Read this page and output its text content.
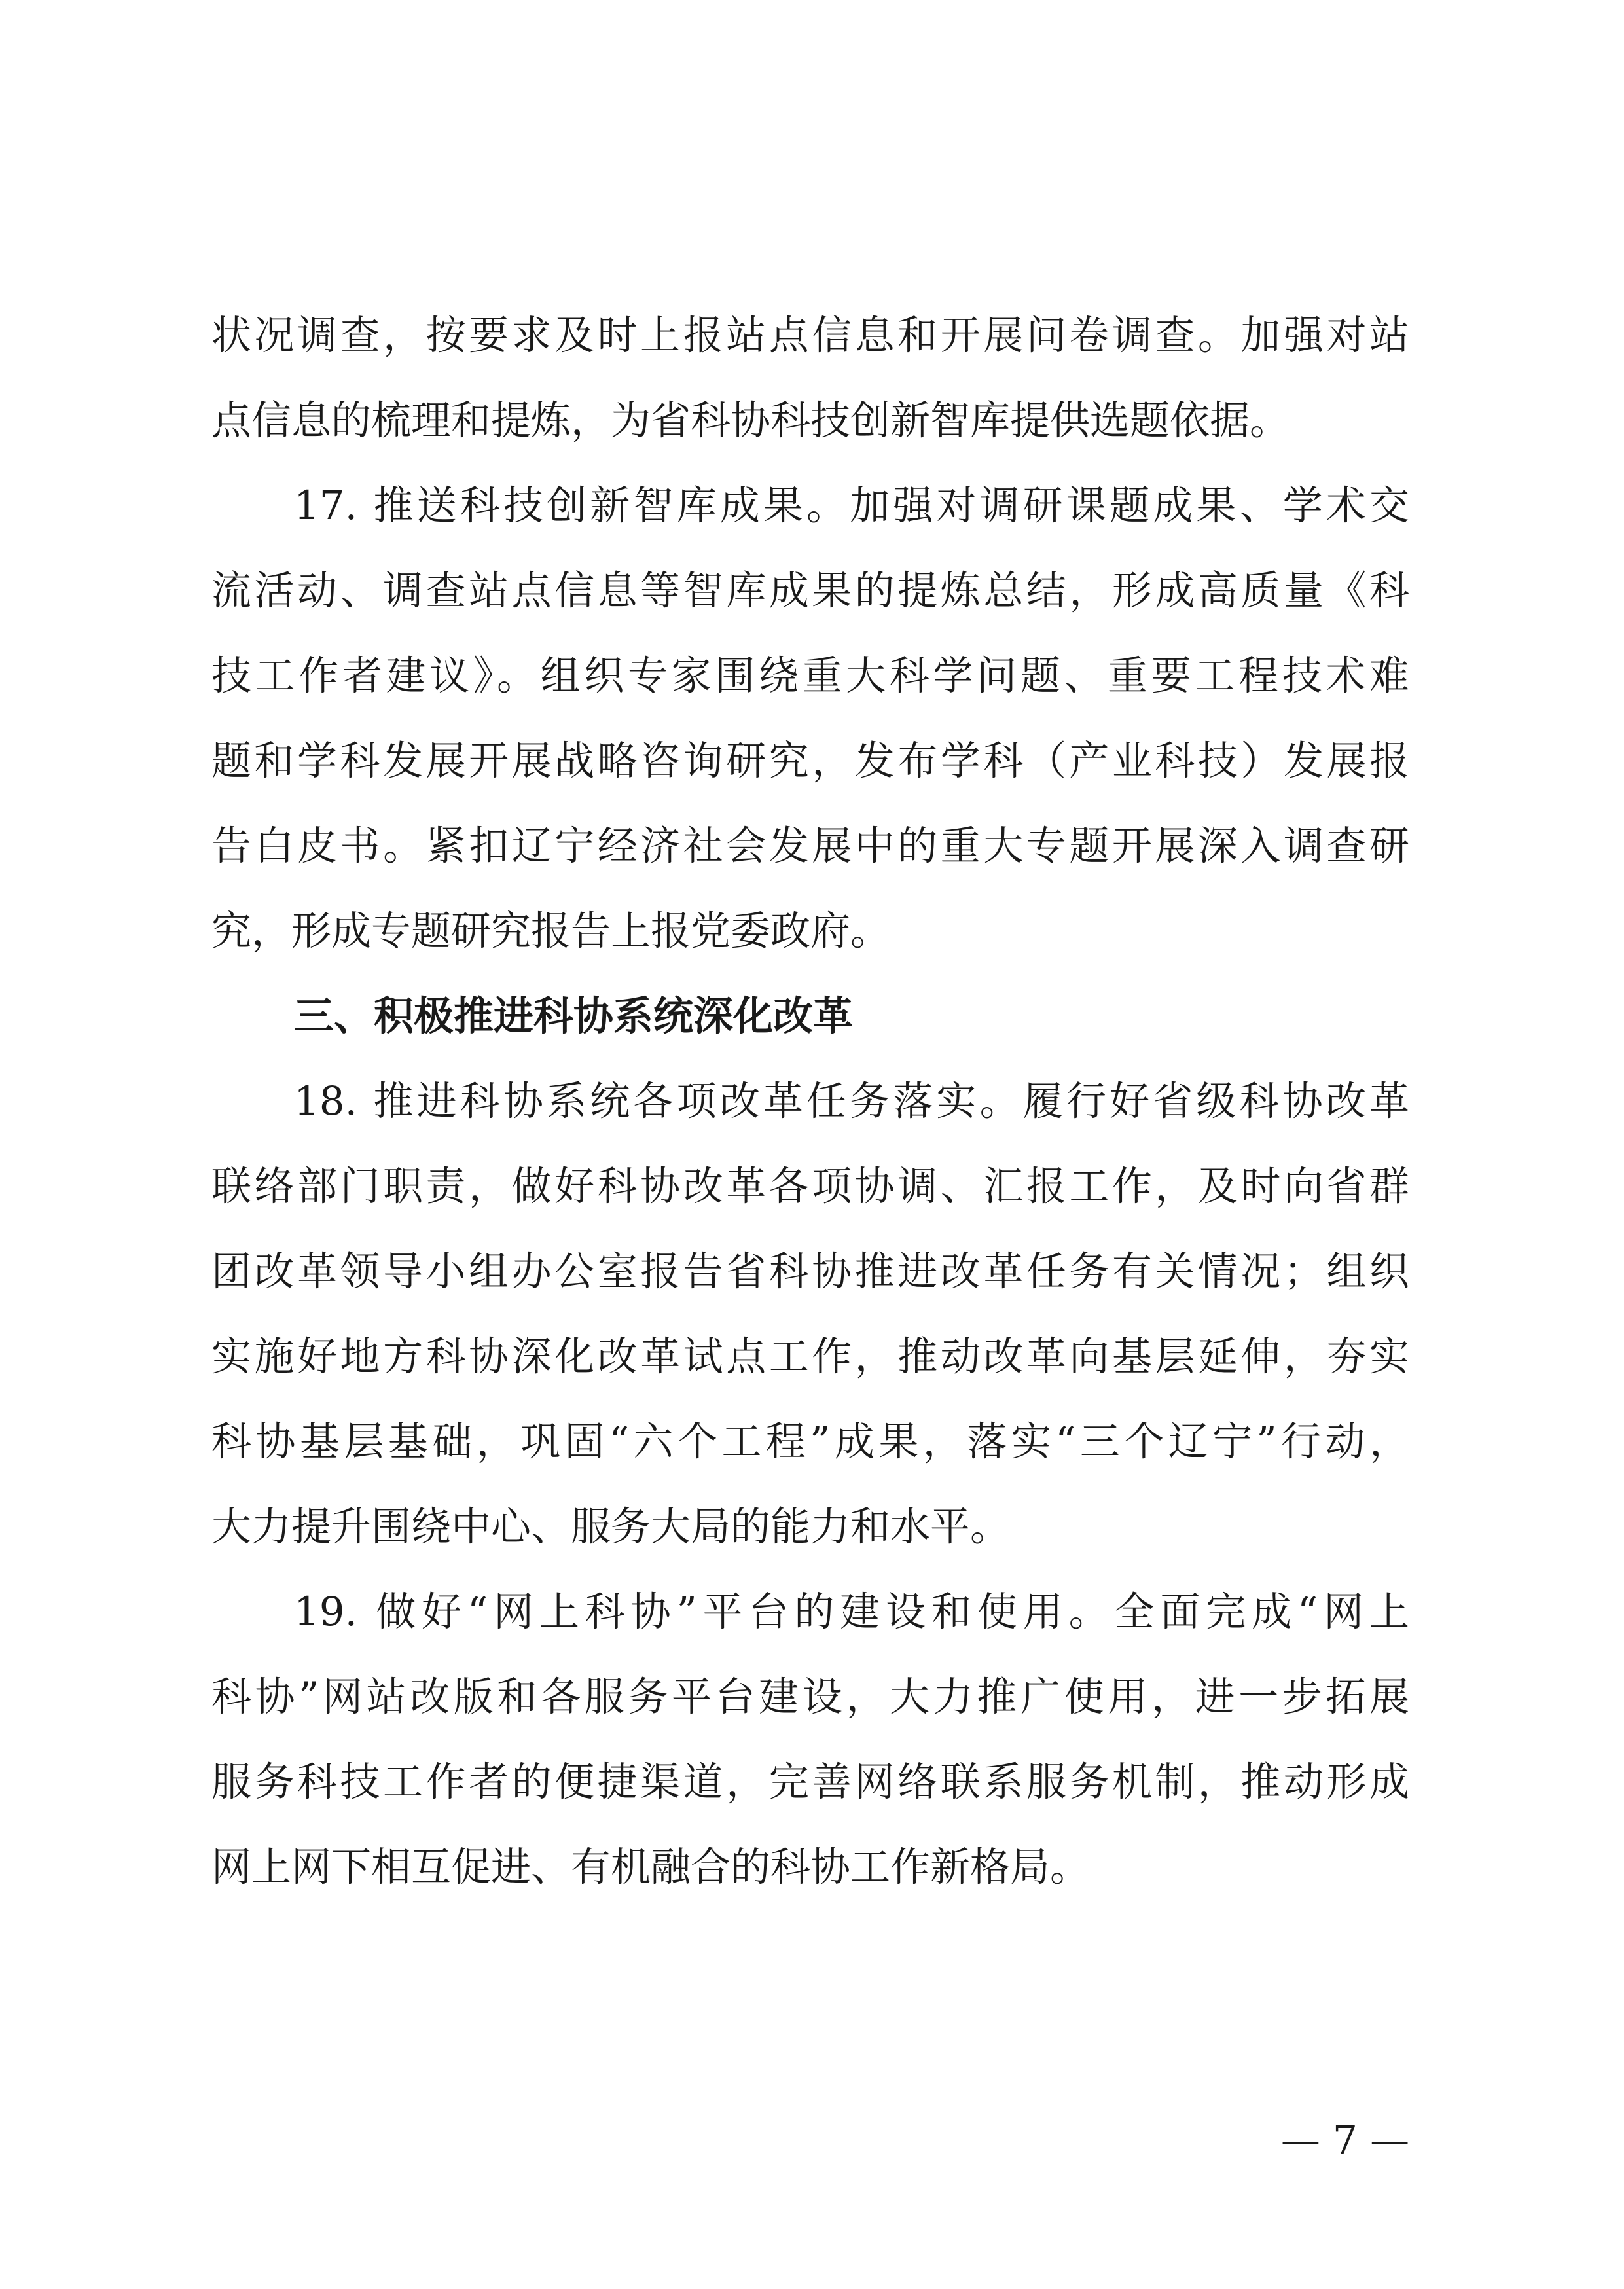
状况调查，按要求及时上报站点信息和开展问卷调查。加强对站
点信息的梳理和提炼，为省科协科技创新智库提供选题依据。
17. 推送科技创新智库成果。加强对调研课题成果、学术交
流活动、调查站点信息等智库成果的提炼总结，形成高质量《科
技工作者建议》。组织专家围绕重大科学问题、重要工程技术难
题和学科发展开展战略咨询研究，发布学科（产业科技）发展报
告白皮书。紧扣辽宁经济社会发展中的重大专题开展深入调查研
究，形成专题研究报告上报党委政府。
三、积极推进科协系统深化改革
18. 推进科协系统各项改革任务落实。履行好省级科协改革
联络部门职责，做好科协改革各项协调、汇报工作，及时向省群
团改革领导小组办公室报告省科协推进改革任务有关情况；组织
实施好地方科协深化改革试点工作，推动改革向基层延伸，夯实
科协基层基础，巩固“六个工程”成果，落实“三个辽宁”行动，
大力提升围绕中心、服务大局的能力和水平。
19. 做好“网上科协”平台的建设和使用。全面完成“网上
科协”网站改版和各服务平台建设，大力推广使用，进一步拓展
服务科技工作者的便捷渠道，完善网络联系服务机制，推动形成
网上网下相互促进、有机融合的科协工作新格局。
— 7 —
